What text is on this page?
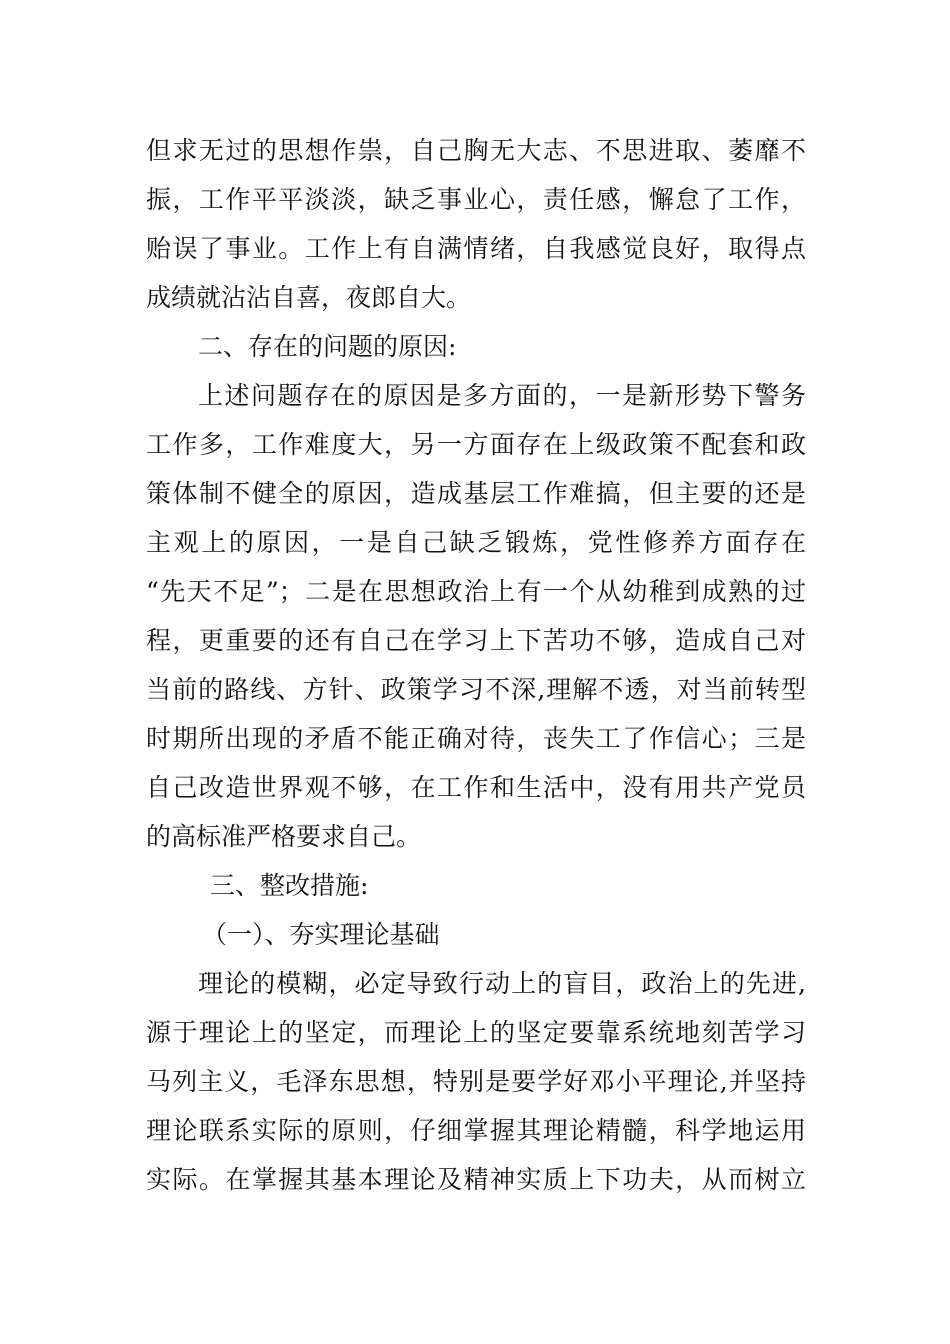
但求无过的思想作祟，自己胸无大志、不思进取、萎靡不
振，工作平平淡淡，缺乏事业心，责任感，懈怠了工作，
贻误了事业。工作上有自满情绪，自我感觉良好，取得点
成绩就沾沾自喜，夜郎自大。
二、存在的问题的原因:
上述问题存在的原因是多方面的，一是新形势下警务
工作多，工作难度大，另一方面存在上级政策不配套和政
策体制不健全的原因，造成基层工作难搞，但主要的还是
主观上的原因，一是自己缺乏锻炼，党性修养方面存在
“先天不足”；二是在思想政治上有一个从幼稚到成熟的过
程，更重要的还有自己在学习上下苦功不够，造成自己对
当前的路线、方针、政策学习不深,理解不透，对当前转型
时期所出现的矛盾不能正确对待，丧失工了作信心；三是
自己改造世界观不够，在工作和生活中，没有用共产党员
的高标准严格要求自己。
三、整改措施:
（一）、夯实理论基础
理论的模糊，必定导致行动上的盲目，政治上的先进,
源于理论上的坚定，而理论上的坚定要靠系统地刻苦学习
马列主义，毛泽东思想，特别是要学好邓小平理论,并坚持
理论联系实际的原则，仔细掌握其理论精髓，科学地运用
实际。在掌握其基本理论及精神实质上下功夫，从而树立
